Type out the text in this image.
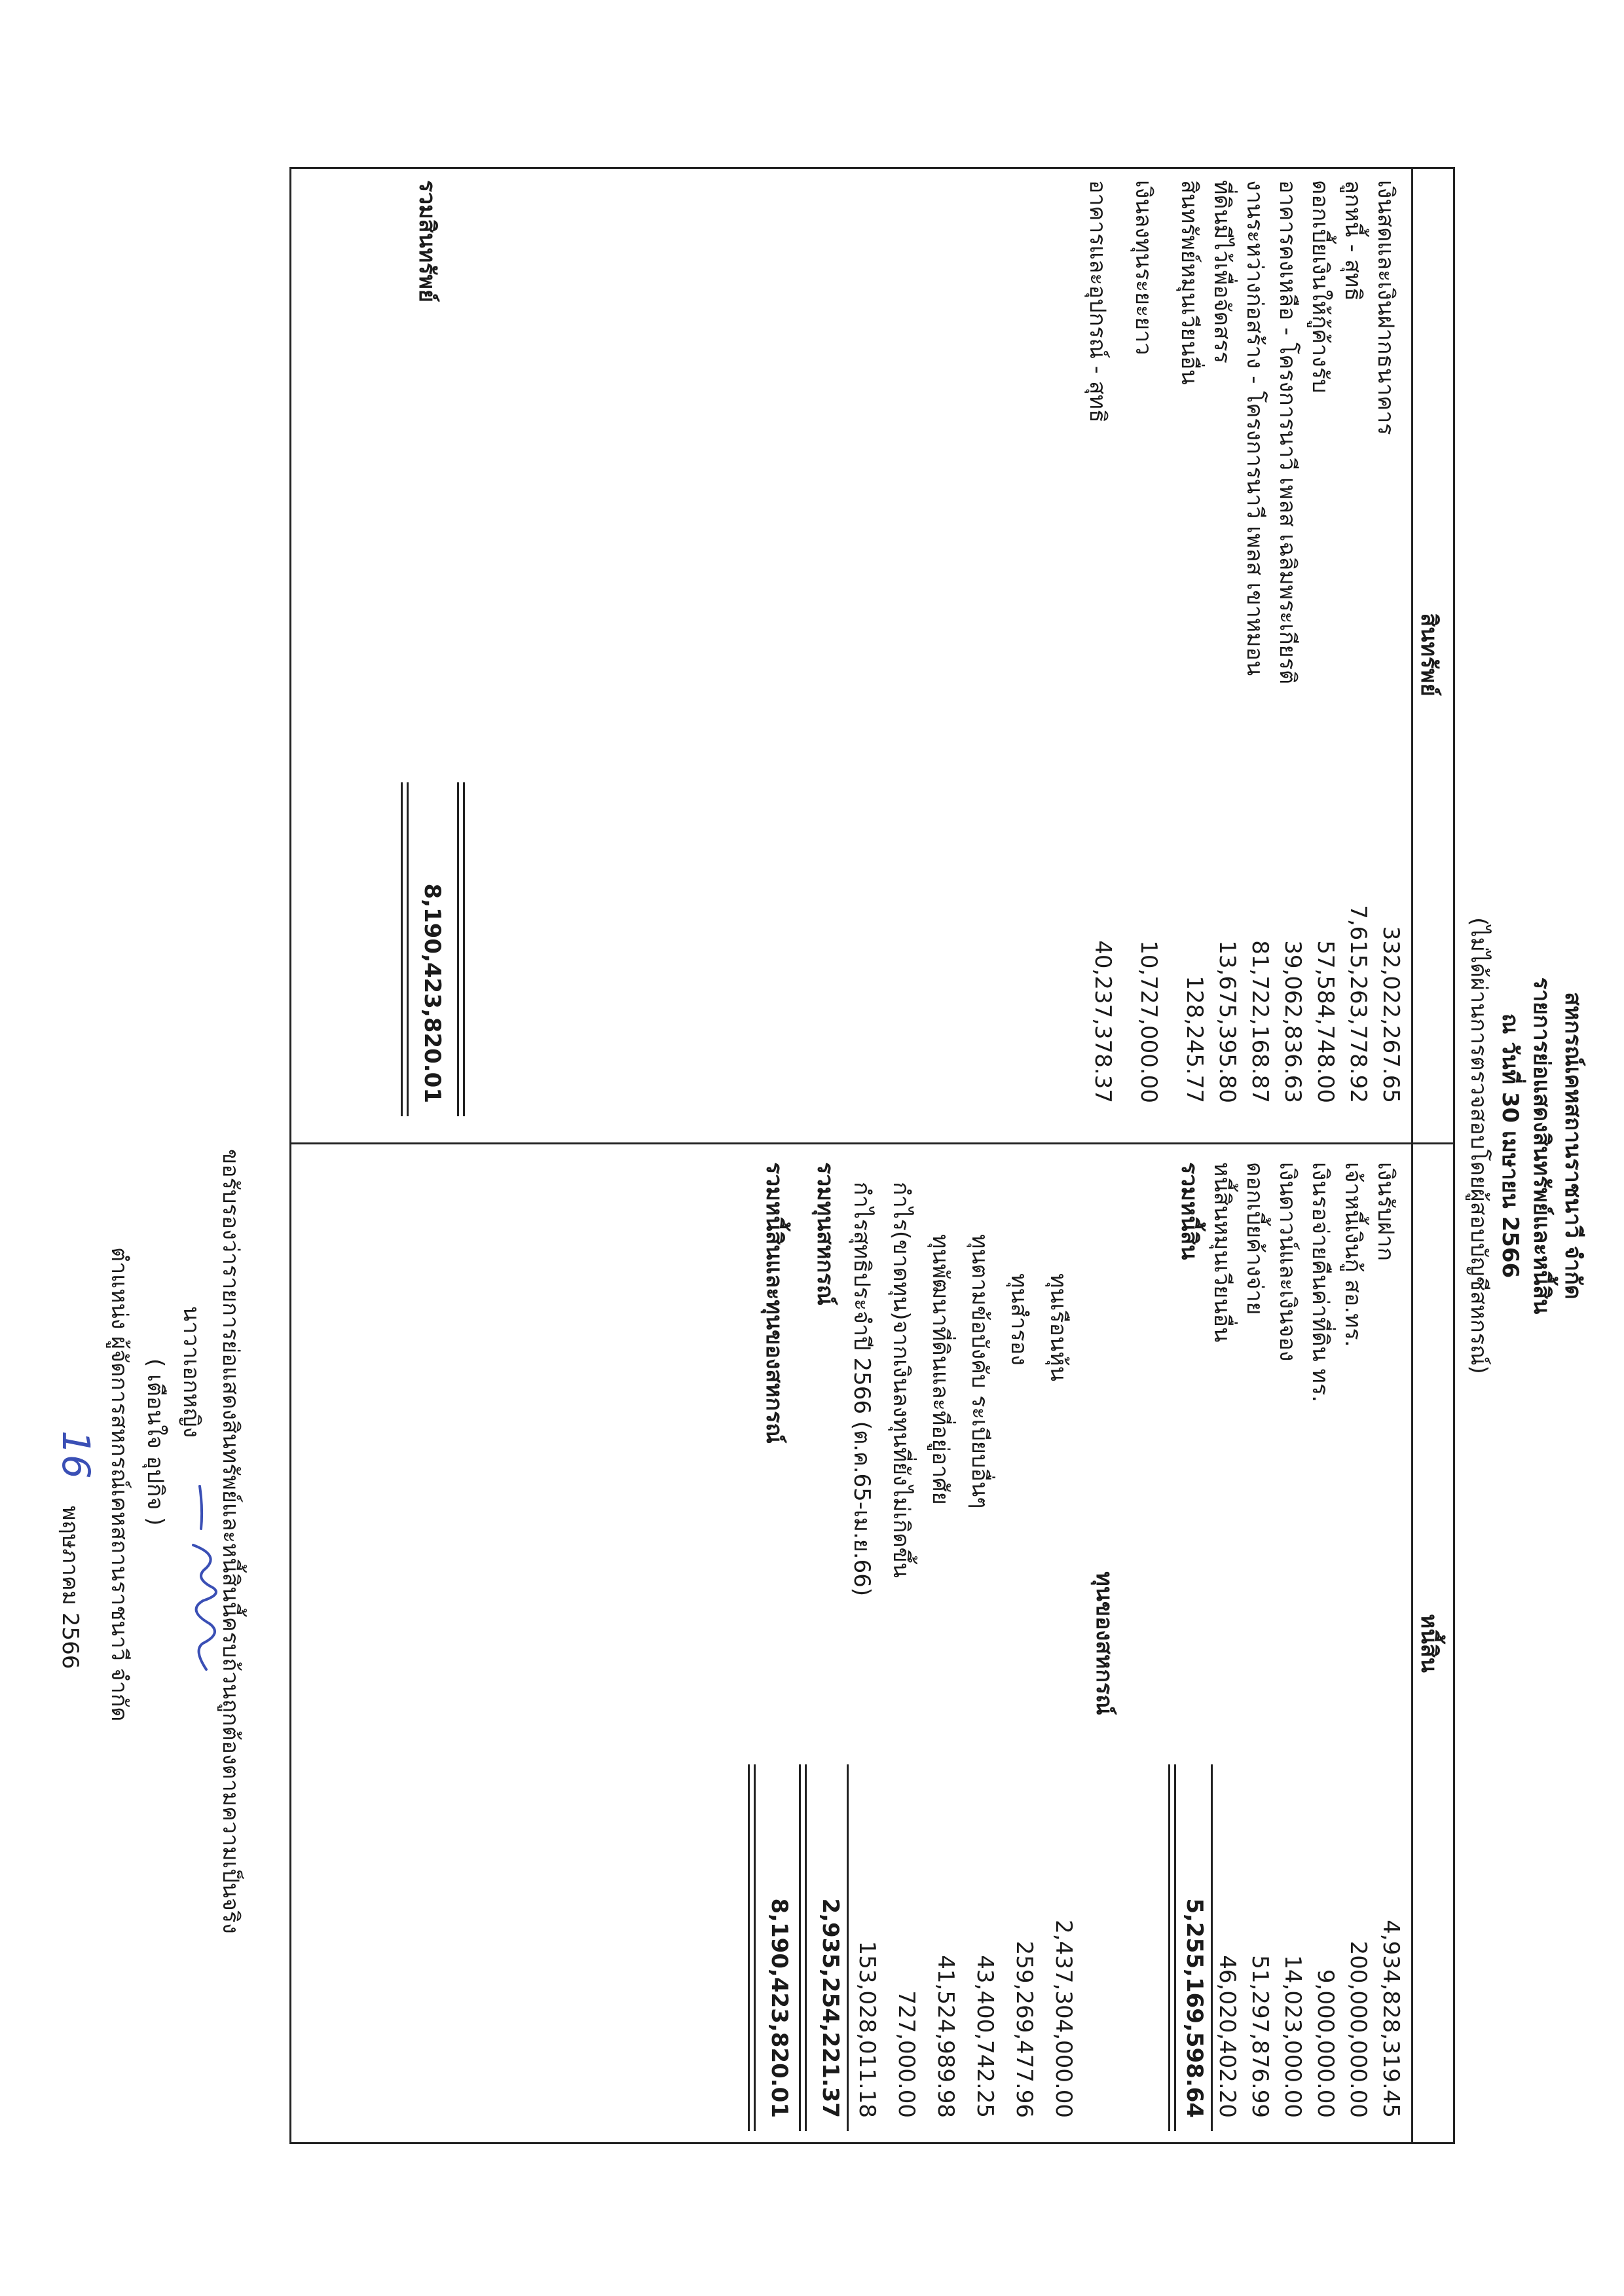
สหกรณ์เคหสถานราชนาวี จำกัด
รายการย่อแสดงสินทรัพย์และหนี้สิน
ณ วันที่ 30 เมษายน 2566
(ไม่ได้ผ่านการตรวจสอบโดยผู้สอบบัญชีสหกรณ์)
สินทรัพย์
หนี้สิน
เงินสดและเงินฝากธนาคาร
332,022,267.65
ลูกหนี้ - สุทธิ
7,615,263,778.92
ดอกเบี้ยเงินให้กู้ค้างรับ
57,584,748.00
อาคารคงเหลือ - โครงการนาวี เพลส เฉลิมพระเกียรติ
39,062,836.63
งานระหว่างก่อสร้าง - โครงการนาวี เพลส เขาหมอน
81,722,168.87
ที่ดินมีไว้เพื่อจัดสรร
13,675,395.80
สินทรัพย์หมุนเวียนอื่น
128,245.77
เงินลงทุนระยะยาว
10,727,000.00
อาคารและอุปกรณ์ - สุทธิ
40,237,378.37
รวมสินทรัพย์
8,190,423,820.01
เงินรับฝาก
4,934,828,319.45
เจ้าหนี้เงินกู้ สอ.ทร.
200,000,000.00
เงินรอจ่ายคืนค่าที่ดิน ทร.
9,000,000.00
เงินดาวน์และเงินจอง
14,023,000.00
ดอกเบี้ยค้างจ่าย
51,297,876.99
หนี้สินหมุนเวียนอื่น
46,020,402.20
รวมหนี้สิน
5,255,169,598.64
ทุนของสหกรณ์
ทุนเรือนหุ้น
2,437,304,000.00
ทุนสำรอง
259,269,477.96
ทุนตามข้อบังคับ ระเบียบอื่นๆ
43,400,742.25
ทุนพัฒนาที่ดินและที่อยู่อาศัย
41,524,989.98
กำไร(ขาดทุน)จากเงินลงทุนที่ยังไม่เกิดขึ้น
727,000.00
กำไรสุทธิประจำปี 2566 (ต.ค.65-เม.ย.66)
153,028,011.18
รวมทุนสหกรณ์
2,935,254,221.37
รวมหนี้สินและทุนของสหกรณ์
8,190,423,820.01
ขอรับรองว่ารายการย่อแสดงสินทรัพย์และหนี้สินนี้ครบถ้วนถูกต้องตามความเป็นจริง
นาวาเอกหญิง
( เตือนใจ อุปกิจ )
ตำแหน่ง ผู้จัดการสหกรณ์เคหสถานราชนาวี จำกัด
16
พฤษภาคม 2566
